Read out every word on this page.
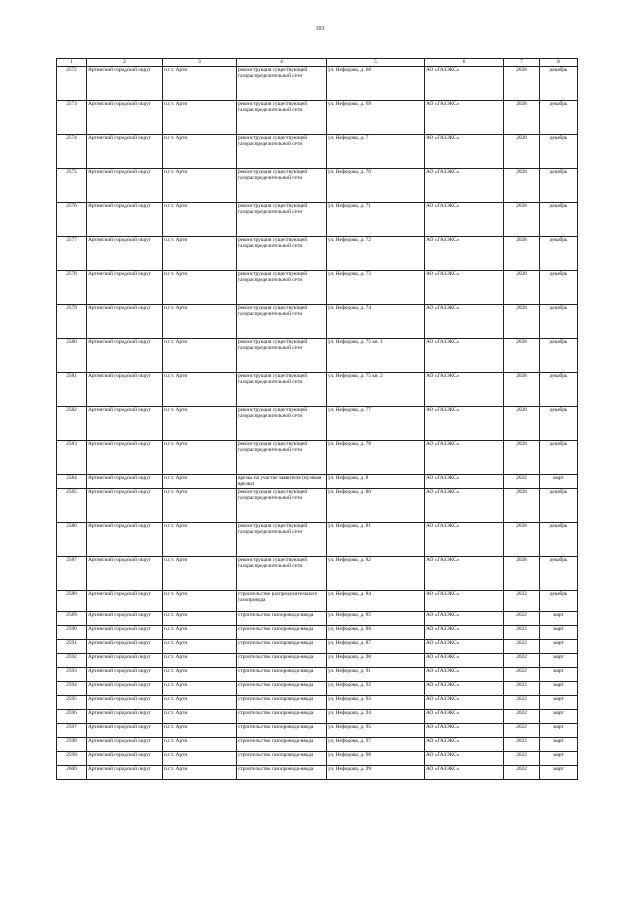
103
1	2	3	4	5	6	7	8
2572	Артинский городской округ	п.г.т. Арти	реконструкция существующей газораспределительной сети	ул. Нефедова, д. 68	АО «ГАЗЭКС»	2028	декабрь
2573	Артинский городской округ	п.г.т. Арти	реконструкция существующей газораспределительной сети	ул. Нефедова, д. 69	АО «ГАЗЭКС»	2028	декабрь
2574	Артинский городской округ	п.г.т. Арти	реконструкция существующей газораспределительной сети	ул. Нефедова, д. 7	АО «ГАЗЭКС»	2028	декабрь
2575	Артинский городской округ	п.г.т. Арти	реконструкция существующей газораспределительной сети	ул. Нефедова, д. 70	АО «ГАЗЭКС»	2028	декабрь
2576	Артинский городской округ	п.г.т. Арти	реконструкция существующей газораспределительной сети	ул. Нефедова, д. 71	АО «ГАЗЭКС»	2028	декабрь
2577	Артинский городской округ	п.г.т. Арти	реконструкция существующей газораспределительной сети	ул. Нефедова, д. 72	АО «ГАЗЭКС»	2028	декабрь
2578	Артинский городской округ	п.г.т. Арти	реконструкция существующей газораспределительной сети	ул. Нефедова, д. 73	АО «ГАЗЭКС»	2028	декабрь
2579	Артинский городской округ	п.г.т. Арти	реконструкция существующей газораспределительной сети	ул. Нефедова, д. 74	АО «ГАЗЭКС»	2028	декабрь
2580	Артинский городской округ	п.г.т. Арти	реконструкция существующей газораспределительной сети	ул. Нефедова, д. 75 кв. 1	АО «ГАЗЭКС»	2028	декабрь
2581	Артинский городской округ	п.г.т. Арти	реконструкция существующей газораспределительной сети	ул. Нефедова, д. 75 кв. 2	АО «ГАЗЭКС»	2028	декабрь
2582	Артинский городской округ	п.г.т. Арти	реконструкция существующей газораспределительной сети	ул. Нефедова, д. 77	АО «ГАЗЭКС»	2028	декабрь
2583	Артинский городской округ	п.г.т. Арти	реконструкция существующей газораспределительной сети	ул. Нефедова, д. 78	АО «ГАЗЭКС»	2028	декабрь
2584	Артинский городской округ	п.г.т. Арти	врезка на участке заявителя (нулевая врезка)	ул. Нефедова, д. 8	АО «ГАЗЭКС»	2022	март
2585	Артинский городской округ	п.г.т. Арти	реконструкция существующей газораспределительной сети	ул. Нефедова, д. 80	АО «ГАЗЭКС»	2028	декабрь
2586	Артинский городской округ	п.г.т. Арти	реконструкция существующей газораспределительной сети	ул. Нефедова, д. 81	АО «ГАЗЭКС»	2028	декабрь
2587	Артинский городской округ	п.г.т. Арти	реконструкция существующей газораспределительной сети	ул. Нефедова, д. 82	АО «ГАЗЭКС»	2028	декабрь
2588	Артинский городской округ	п.г.т. Арти	строительство распределительного газопровода	ул. Нефедова, д. 84	АО «ГАЗЭКС»	2022	декабрь
2589	Артинский городской округ	п.г.т. Арти	строительство газопровода-ввода	ул. Нефедова, д. 85	АО «ГАЗЭКС»	2022	март
2590	Артинский городской округ	п.г.т. Арти	строительство газопровода-ввода	ул. Нефедова, д. 86	АО «ГАЗЭКС»	2022	март
2591	Артинский городской округ	п.г.т. Арти	строительство газопровода-ввода	ул. Нефедова, д. 87	АО «ГАЗЭКС»	2022	март
2592	Артинский городской округ	п.г.т. Арти	строительство газопровода-ввода	ул. Нефедова, д. 90	АО «ГАЗЭКС»	2022	март
2593	Артинский городской округ	п.г.т. Арти	строительство газопровода-ввода	ул. Нефедова, д. 91	АО «ГАЗЭКС»	2022	март
2594	Артинский городской округ	п.г.т. Арти	строительство газопровода-ввода	ул. Нефедова, д. 92	АО «ГАЗЭКС»	2022	март
2595	Артинский городской округ	п.г.т. Арти	строительство газопровода-ввода	ул. Нефедова, д. 93	АО «ГАЗЭКС»	2022	март
2596	Артинский городской округ	п.г.т. Арти	строительство газопровода-ввода	ул. Нефедова, д. 94	АО «ГАЗЭКС»	2022	март
2597	Артинский городской округ	п.г.т. Арти	строительство газопровода-ввода	ул. Нефедова, д. 95	АО «ГАЗЭКС»	2022	март
2598	Артинский городской округ	п.г.т. Арти	строительство газопровода-ввода	ул. Нефедова, д. 97	АО «ГАЗЭКС»	2022	март
2599	Артинский городской округ	п.г.т. Арти	строительство газопровода-ввода	ул. Нефедова, д. 98	АО «ГАЗЭКС»	2022	март
2600	Артинский городской округ	п.г.т. Арти	строительство газопровода-ввода	ул. Нефедова, д. 99	АО «ГАЗЭКС»	2022	март
